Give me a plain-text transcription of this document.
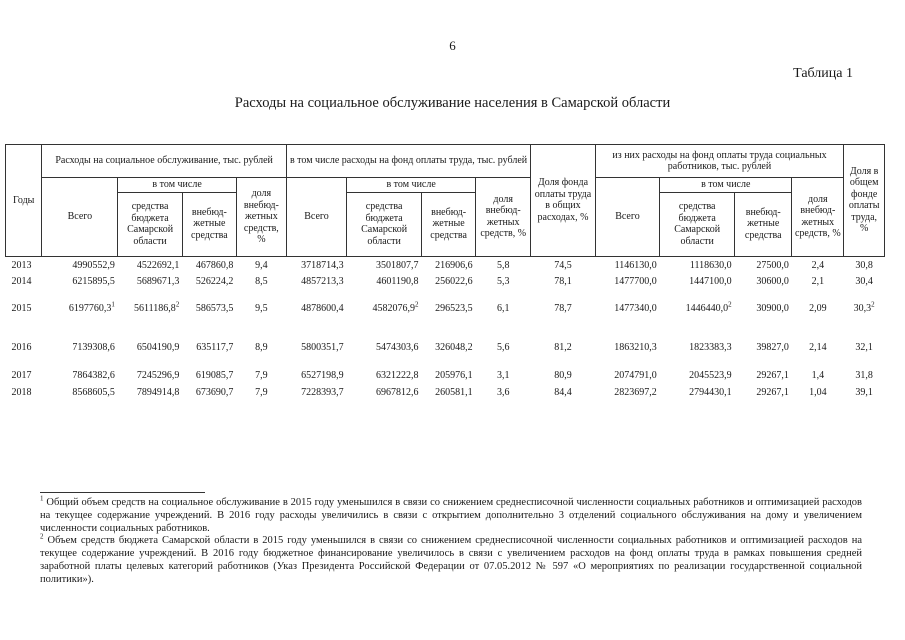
6
Таблица 1
Расходы на социальное обслуживание населения в Самарской области
Годы	Расходы на социальное обслуживание, тыс. рублей				в том числе расходы на фонд оплаты труда, тыс. рублей				Доля фонда оплаты труда в общих расходах, %	из них расходы на фонд оплаты труда социальных работников, тыс. рублей				Доля в общем фонде оплаты труда, %
	Всего	в том числе		доля внебюд-жетных средств, %	Всего	в том числе		доля внебюд-жетных средств, %		Всего	в том числе		доля внебюд-жетных средств, %	
		средства бюджета Самарской области	внебюд-жетные средства			средства бюджета Самарской области	внебюд-жетные средства				средства бюджета Самарской области	внебюд-жетные средства		
2013	4990552,9	4522692,1	467860,8	9,4	3718714,3	3501807,7	216906,6	5,8	74,5	1146130,0	1118630,0	27500,0	2,4	30,8
2014	6215895,5	5689671,3	526224,2	8,5	4857213,3	4601190,8	256022,6	5,3	78,1	1477700,0	1447100,0	30600,0	2,1	30,4
2015	6197760,3$^1$	5611186,8$^2$	586573,5	9,5	4878600,4	4582076,9$^2$	296523,5	6,1	78,7	1477340,0	1446440,0$^2$	30900,0	2,09	30,3$^2$
2016	7139308,6	6504190,9	635117,7	8,9	5800351,7	5474303,6	326048,2	5,6	81,2	1863210,3	1823383,3	39827,0	2,14	32,1
2017	7864382,6	7245296,9	619085,7	7,9	6527198,9	6321222,8	205976,1	3,1	80,9	2074791,0	2045523,9	29267,1	1,4	31,8
2018	8568605,5	7894914,8	673690,7	7,9	7228393,7	6967812,6	260581,1	3,6	84,4	2823697,2	2794430,1	29267,1	1,04	39,1

$^1$ Общий объем средств на социальное обслуживание в 2015 году уменьшился в связи со снижением среднесписочной численности социальных работников и оптимизацией расходов на текущее содержание учреждений. В 2016 году расходы увеличились в связи с открытием дополнительно 3 отделений социального обслуживания на дому и увеличением численности социальных работников.

$^2$ Объем средств бюджета Самарской области в 2015 году уменьшился в связи со снижением среднесписочной численности социальных работников и оптимизацией расходов на текущее содержание учреждений. В 2016 году бюджетное финансирование увеличилось в связи с увеличением расходов на фонд оплаты труда в рамках повышения средней заработной платы целевых категорий работников (Указ Президента Российской Федерации от 07.05.2012 № 597 «О мероприятиях по реализации государственной социальной политики»).
